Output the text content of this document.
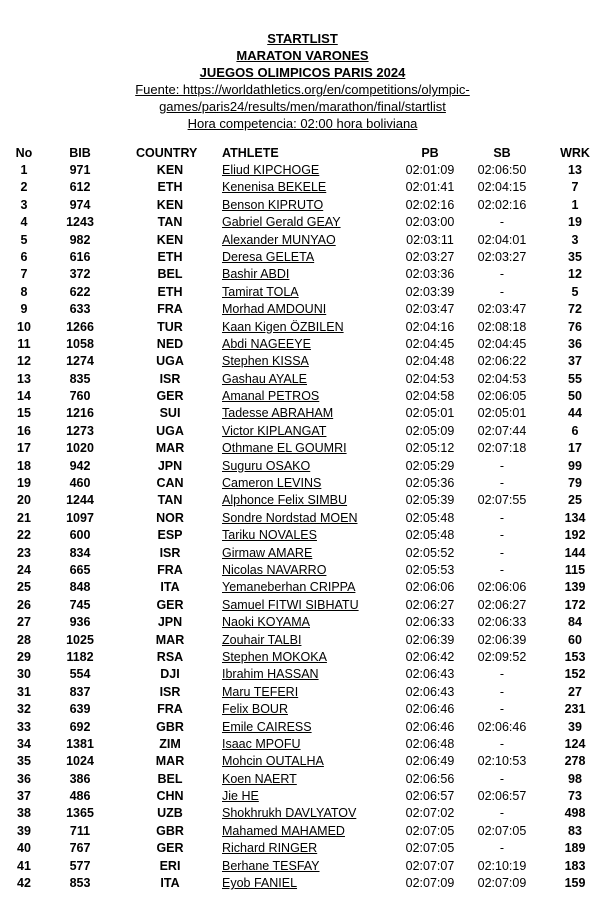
STARTLIST
MARATON VARONES
JUEGOS OLIMPICOS PARIS 2024
Fuente: https://worldathletics.org/en/competitions/olympic-
games/paris24/results/men/marathon/final/startlist
Hora competencia: 02:00 hora boliviana
No	BIB	COUNTRY ATHLETE	PB	SB	WRK
1	971	KEN	Eliud KIPCHOGE	02:01:09	02:06:50	13
2	612	ETH	Kenenisa BEKELE	02:01:41	02:04:15	7
3	974	KEN	Benson KIPRUTO	02:02:16	02:02:16	1
4	1243	TAN	Gabriel Gerald GEAY	02:03:00	-	19
5	982	KEN	Alexander MUNYAO	02:03:11	02:04:01	3
6	616	ETH	Deresa GELETA	02:03:27	02:03:27	35
7	372	BEL	Bashir ABDI	02:03:36	-	12
8	622	ETH	Tamirat TOLA	02:03:39	-	5
9	633	FRA	Morhad AMDOUNI	02:03:47	02:03:47	72
10	1266	TUR	Kaan Kigen ÖZBILEN	02:04:16	02:08:18	76
11	1058	NED	Abdi NAGEEYE	02:04:45	02:04:45	36
12	1274	UGA	Stephen KISSA	02:04:48	02:06:22	37
13	835	ISR	Gashau AYALE	02:04:53	02:04:53	55
14	760	GER	Amanal PETROS	02:04:58	02:06:05	50
15	1216	SUI	Tadesse ABRAHAM	02:05:01	02:05:01	44
16	1273	UGA	Victor KIPLANGAT	02:05:09	02:07:44	6
17	1020	MAR	Othmane EL GOUMRI	02:05:12	02:07:18	17
18	942	JPN	Suguru OSAKO	02:05:29	-	99
19	460	CAN	Cameron LEVINS	02:05:36	-	79
20	1244	TAN	Alphonce Felix SIMBU	02:05:39	02:07:55	25
21	1097	NOR	Sondre Nordstad MOEN	02:05:48	-	134
22	600	ESP	Tariku NOVALES	02:05:48	-	192
23	834	ISR	Girmaw AMARE	02:05:52	-	144
24	665	FRA	Nicolas NAVARRO	02:05:53	-	115
25	848	ITA	Yemaneberhan CRIPPA	02:06:06	02:06:06	139
26	745	GER	Samuel FITWI SIBHATU	02:06:27	02:06:27	172
27	936	JPN	Naoki KOYAMA	02:06:33	02:06:33	84
28	1025	MAR	Zouhair TALBI	02:06:39	02:06:39	60
29	1182	RSA	Stephen MOKOKA	02:06:42	02:09:52	153
30	554	DJI	Ibrahim HASSAN	02:06:43	-	152
31	837	ISR	Maru TEFERI	02:06:43	-	27
32	639	FRA	Felix BOUR	02:06:46	-	231
33	692	GBR	Emile CAIRESS	02:06:46	02:06:46	39
34	1381	ZIM	Isaac MPOFU	02:06:48	-	124
35	1024	MAR	Mohcin OUTALHA	02:06:49	02:10:53	278
36	386	BEL	Koen NAERT	02:06:56	-	98
37	486	CHN	Jie HE	02:06:57	02:06:57	73
38	1365	UZB	Shokhrukh DAVLYATOV	02:07:02	-	498
39	711	GBR	Mahamed MAHAMED	02:07:05	02:07:05	83
40	767	GER	Richard RINGER	02:07:05	-	189
41	577	ERI	Berhane TESFAY	02:07:07	02:10:19	183
42	853	ITA	Eyob FANIEL	02:07:09	02:07:09	159
